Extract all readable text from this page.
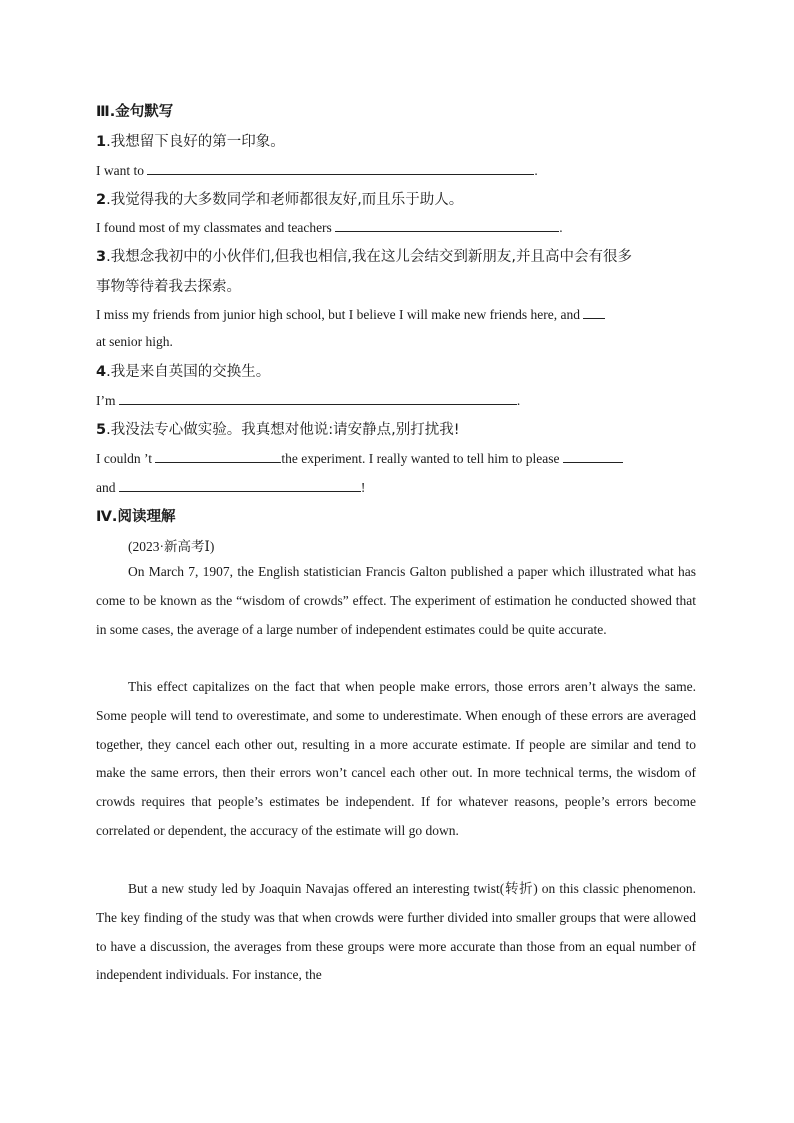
Ⅲ.金句默写
1.我想留下良好的第一印象。
I want to	.
2.我觉得我的大多数同学和老师都很友好,而且乐于助人。
I found most of my classmates and teachers	.
3.我想念我初中的小伙伴们,但我也相信,我在这儿会结交到新朋友,并且高中会有很多
事物等待着我去探索。
I miss my friends from junior high school, but I believe I will make new friends here, and
at senior high.
4.我是来自英国的交换生。
I’m	.
5.我没法专心做实验。我真想对他说:请安静点,别打扰我!
I couldn ’t	the experiment. I really wanted to tell him to please
and	!
Ⅳ.阅读理解
(2023·新高考Ⅰ)
On March 7, 1907, the English statistician Francis Galton published a paper which illustrated what has come to be known as the “wisdom of crowds” effect. The experiment of estimation he conducted showed that in some cases, the average of a large number of independent estimates could be quite accurate.
This effect capitalizes on the fact that when people make errors, those errors aren’t always the same. Some people will tend to overestimate, and some to underestimate. When enough of these errors are averaged together, they cancel each other out, resulting in a more accurate estimate. If people are similar and tend to make the same errors, then their errors won’t cancel each other out. In more technical terms, the wisdom of crowds requires that people’s estimates be independent. If for whatever reasons, people’s errors become correlated or dependent, the accuracy of the estimate will go down.
But a new study led by Joaquin Navajas offered an interesting twist(转折) on this classic phenomenon. The key finding of the study was that when crowds were further divided into smaller groups that were allowed to have a discussion, the averages from these groups were more accurate than those from an equal number of independent individuals. For instance, the
